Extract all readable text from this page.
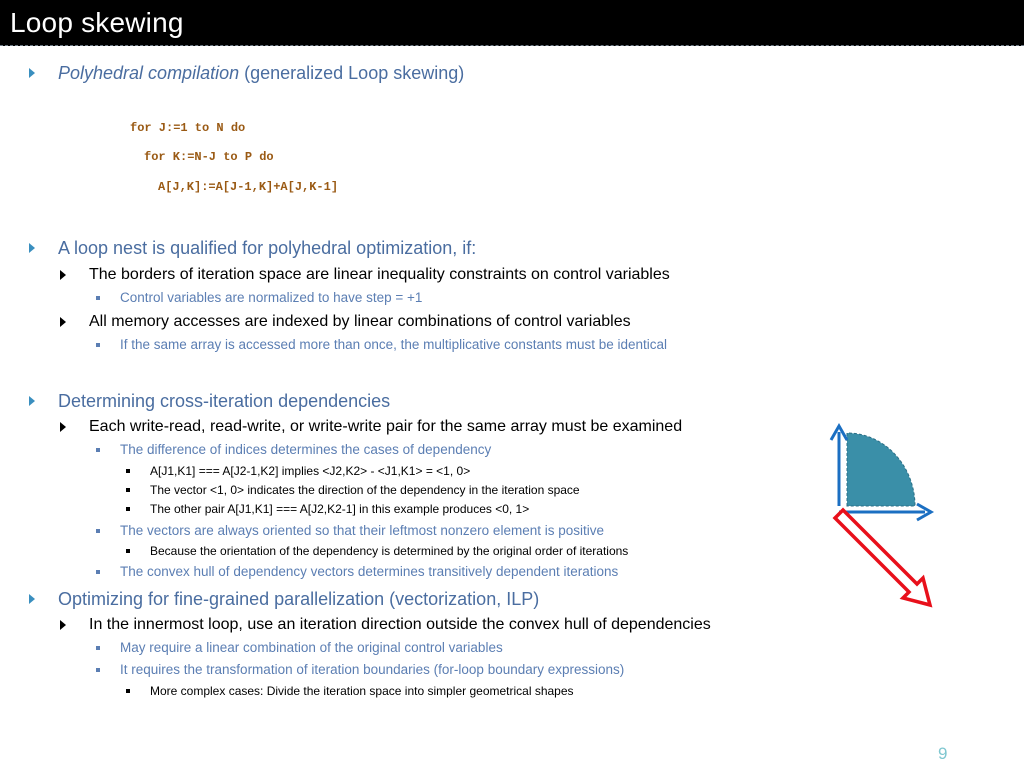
Loop skewing
Polyhedral compilation (generalized Loop skewing)
for J:=1 to N do
for K:=N-J to P do
A[J,K]:=A[J-1,K]+A[J,K-1]
A loop nest is qualified for polyhedral optimization, if:
The borders of iteration space are linear inequality constraints on control variables
Control variables are normalized to have step = +1
All memory accesses are indexed by linear combinations of control variables
If the same array is accessed more than once, the multiplicative constants must be identical
Determining cross-iteration dependencies
Each write-read, read-write, or write-write pair for the same array must be examined
The difference of indices determines the cases of dependency
A[J1,K1] === A[J2-1,K2] implies <J2,K2> - <J1,K1> = <1, 0>
The vector <1, 0> indicates the direction of the dependency in the iteration space
The other pair A[J1,K1] === A[J2,K2-1] in this example produces <0, 1>
The vectors are always oriented so that their leftmost nonzero element is positive
Because the orientation of the dependency is determined by the original order of iterations
The convex hull of dependency vectors determines transitively dependent iterations
Optimizing for fine-grained parallelization (vectorization, ILP)
In the innermost loop, use an iteration direction outside the convex hull of dependencies
May require a linear combination of the original control variables
It requires the transformation of iteration boundaries (for-loop boundary expressions)
More complex cases: Divide the iteration space into simpler geometrical shapes
9
